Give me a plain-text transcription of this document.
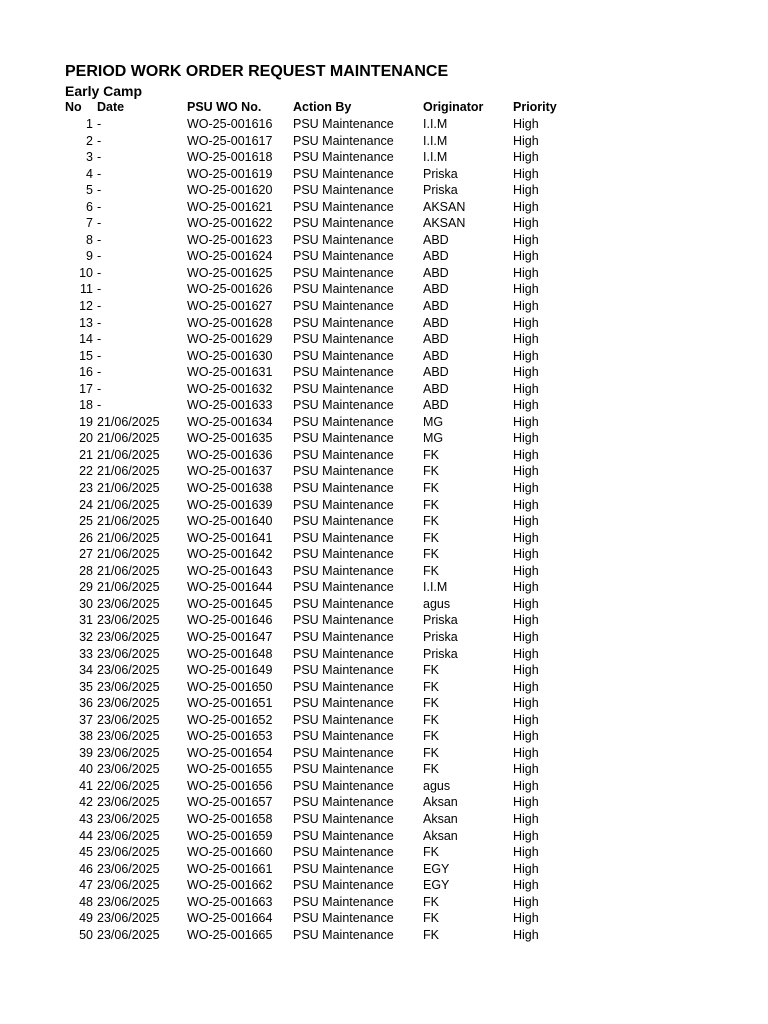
PERIOD WORK ORDER REQUEST MAINTENANCE
Early Camp
No Date	PSU WO No.	Action By	Originator Priority
1 -	WO-25-001616 PSU Maintenance I.I.M	High
2 -	WO-25-001617 PSU Maintenance I.I.M	High
3 -	WO-25-001618 PSU Maintenance I.I.M	High
4 -	WO-25-001619 PSU Maintenance Priska	High
5 -	WO-25-001620 PSU Maintenance Priska	High
6 -	WO-25-001621 PSU Maintenance AKSAN	High
7 -	WO-25-001622 PSU Maintenance AKSAN	High
8 -	WO-25-001623 PSU Maintenance ABD	High
9 -	WO-25-001624 PSU Maintenance ABD	High
10 -	WO-25-001625 PSU Maintenance ABD	High
11 -	WO-25-001626 PSU Maintenance ABD	High
12 -	WO-25-001627 PSU Maintenance ABD	High
13 -	WO-25-001628 PSU Maintenance ABD	High
14 -	WO-25-001629 PSU Maintenance ABD	High
15 -	WO-25-001630 PSU Maintenance ABD	High
16 -	WO-25-001631 PSU Maintenance ABD	High
17 -	WO-25-001632 PSU Maintenance ABD	High
18 -	WO-25-001633 PSU Maintenance ABD	High
19 21/06/2025 WO-25-001634 PSU Maintenance MG	High
20 21/06/2025 WO-25-001635 PSU Maintenance MG	High
21 21/06/2025 WO-25-001636 PSU Maintenance FK	High
22 21/06/2025 WO-25-001637 PSU Maintenance FK	High
23 21/06/2025 WO-25-001638 PSU Maintenance FK	High
24 21/06/2025 WO-25-001639 PSU Maintenance FK	High
25 21/06/2025 WO-25-001640 PSU Maintenance FK	High
26 21/06/2025 WO-25-001641 PSU Maintenance FK	High
27 21/06/2025 WO-25-001642 PSU Maintenance FK	High
28 21/06/2025 WO-25-001643 PSU Maintenance FK	High
29 21/06/2025 WO-25-001644 PSU Maintenance I.I.M	High
30 23/06/2025 WO-25-001645 PSU Maintenance agus	High
31 23/06/2025 WO-25-001646 PSU Maintenance Priska	High
32 23/06/2025 WO-25-001647 PSU Maintenance Priska	High
33 23/06/2025 WO-25-001648 PSU Maintenance Priska	High
34 23/06/2025 WO-25-001649 PSU Maintenance FK	High
35 23/06/2025 WO-25-001650 PSU Maintenance FK	High
36 23/06/2025 WO-25-001651 PSU Maintenance FK	High
37 23/06/2025 WO-25-001652 PSU Maintenance FK	High
38 23/06/2025 WO-25-001653 PSU Maintenance FK	High
39 23/06/2025 WO-25-001654 PSU Maintenance FK	High
40 23/06/2025 WO-25-001655 PSU Maintenance FK	High
41 22/06/2025 WO-25-001656 PSU Maintenance agus	High
42 23/06/2025 WO-25-001657 PSU Maintenance Aksan	High
43 23/06/2025 WO-25-001658 PSU Maintenance Aksan	High
44 23/06/2025 WO-25-001659 PSU Maintenance Aksan	High
45 23/06/2025 WO-25-001660 PSU Maintenance FK	High
46 23/06/2025 WO-25-001661 PSU Maintenance EGY	High
47 23/06/2025 WO-25-001662 PSU Maintenance EGY	High
48 23/06/2025 WO-25-001663 PSU Maintenance FK	High
49 23/06/2025 WO-25-001664 PSU Maintenance FK	High
50 23/06/2025 WO-25-001665 PSU Maintenance FK	High
